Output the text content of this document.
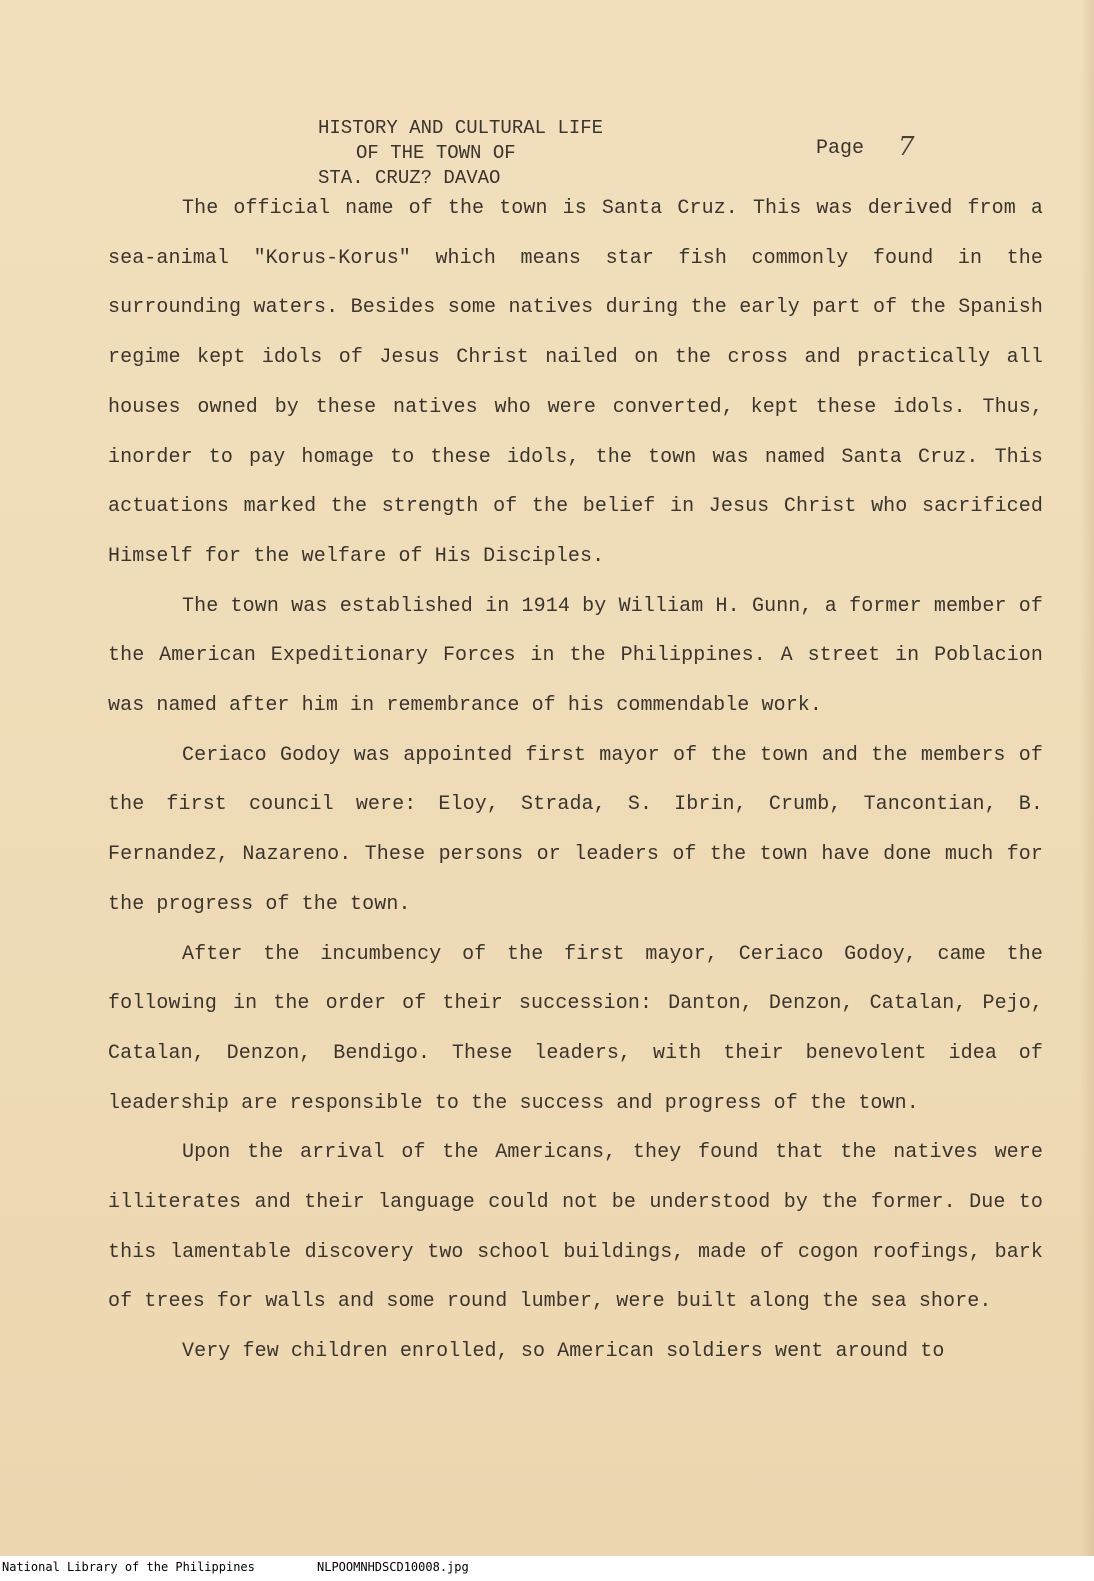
HISTORY AND CULTURAL LIFE
OF THE TOWN OF
STA. CRUZ? DAVAO
Page 7

The official name of the town is Santa Cruz. This was derived from a sea-animal "Korus-Korus" which means star fish commonly found in the surrounding waters. Besides some natives during the early part of the Spanish regime kept idols of Jesus Christ nailed on the cross and practically all houses owned by these natives who were converted, kept these idols. Thus, inorder to pay homage to these idols, the town was named Santa Cruz. This actuations marked the strength of the belief in Jesus Christ who sacrificed Himself for the welfare of His Disciples.

The town was established in 1914 by William H. Gunn, a former member of the American Expeditionary Forces in the Philippines. A street in Poblacion was named after him in remembrance of his commendable work.

Ceriaco Godoy was appointed first mayor of the town and the members of the first council were: Eloy, Strada, S. Ibrin, Crumb, Tancontian, B. Fernandez, Nazareno. These persons or leaders of the town have done much for the progress of the town.

After the incumbency of the first mayor, Ceriaco Godoy, came the following in the order of their succession: Danton, Denzon, Catalan, Pejo, Catalan, Denzon, Bendigo. These leaders, with their benevolent idea of leadership are responsible to the success and progress of the town.

Upon the arrival of the Americans, they found that the natives were illiterates and their language could not be understood by the former. Due to this lamentable discovery two school buildings, made of cogon roofings, bark of trees for walls and some round lumber, were built along the sea shore.

Very few children enrolled, so American soldiers went around to

National Library of the Philippines	NLPOOMNHDSCD10008.jpg
